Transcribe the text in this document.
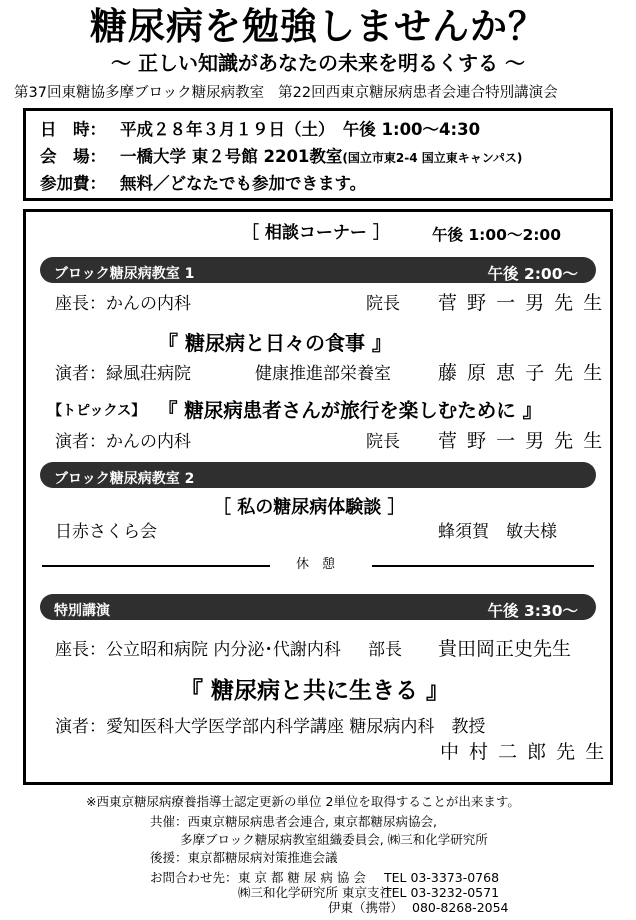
糖尿病を勉強しませんか？
～ 正しい知識があなたの未来を明るくする ～
第37回東糖協多摩ブロック糖尿病教室 第22回西東京糖尿病患者会連合特別講演会
日　時： 平成２８年３月１９日（土）　午後 1:00～4:30
会　場： 一橋大学 東２号館 2201教室(国立市東2-4 国立東キャンパス)
参加費： 無料／どなたでも参加できます。
［ 相談コーナー ］	午後 1:00～2:00
ブロック糖尿病教室 1	午後 2:00～
座長：かんの内科	院長 菅 野 一 男 先 生
『 糖尿病と日々の食事 』
演者：緑風荘病院	健康推進部栄養室 藤 原 恵 子 先 生
【トピックス】 『 糖尿病患者さんが旅行を楽しむために 』
演者：かんの内科	院長 菅 野 一 男 先 生
ブロック糖尿病教室 2
［ 私の糖尿病体験談 ］
日赤さくら会	蜂須賀　敏夫様
休　憩
特別講演	午後 3:30～
座長：公立昭和病院 内分泌･代謝内科 部長 貴田岡正史先生
『 糖尿病と共に生きる 』
演者：愛知医科大学医学部内科学講座 糖尿病内科　教授
中 村 二 郎 先 生
※西東京糖尿病療養指導士認定更新の単位 2単位を取得することが出来ます。
共催：西東京糖尿病患者会連合, 東京都糖尿病協会,
多摩ブロック糖尿病教室組織委員会, ㈱三和化学研究所
後援：東京都糖尿病対策推進会議
お問合わせ先： 東 京 都 糖 尿 病 協 会 TEL 03-3373-0768
㈱三和化学研究所 東京支社
TEL 03-3232-0571
伊東（携帯） 080-8268-2054
